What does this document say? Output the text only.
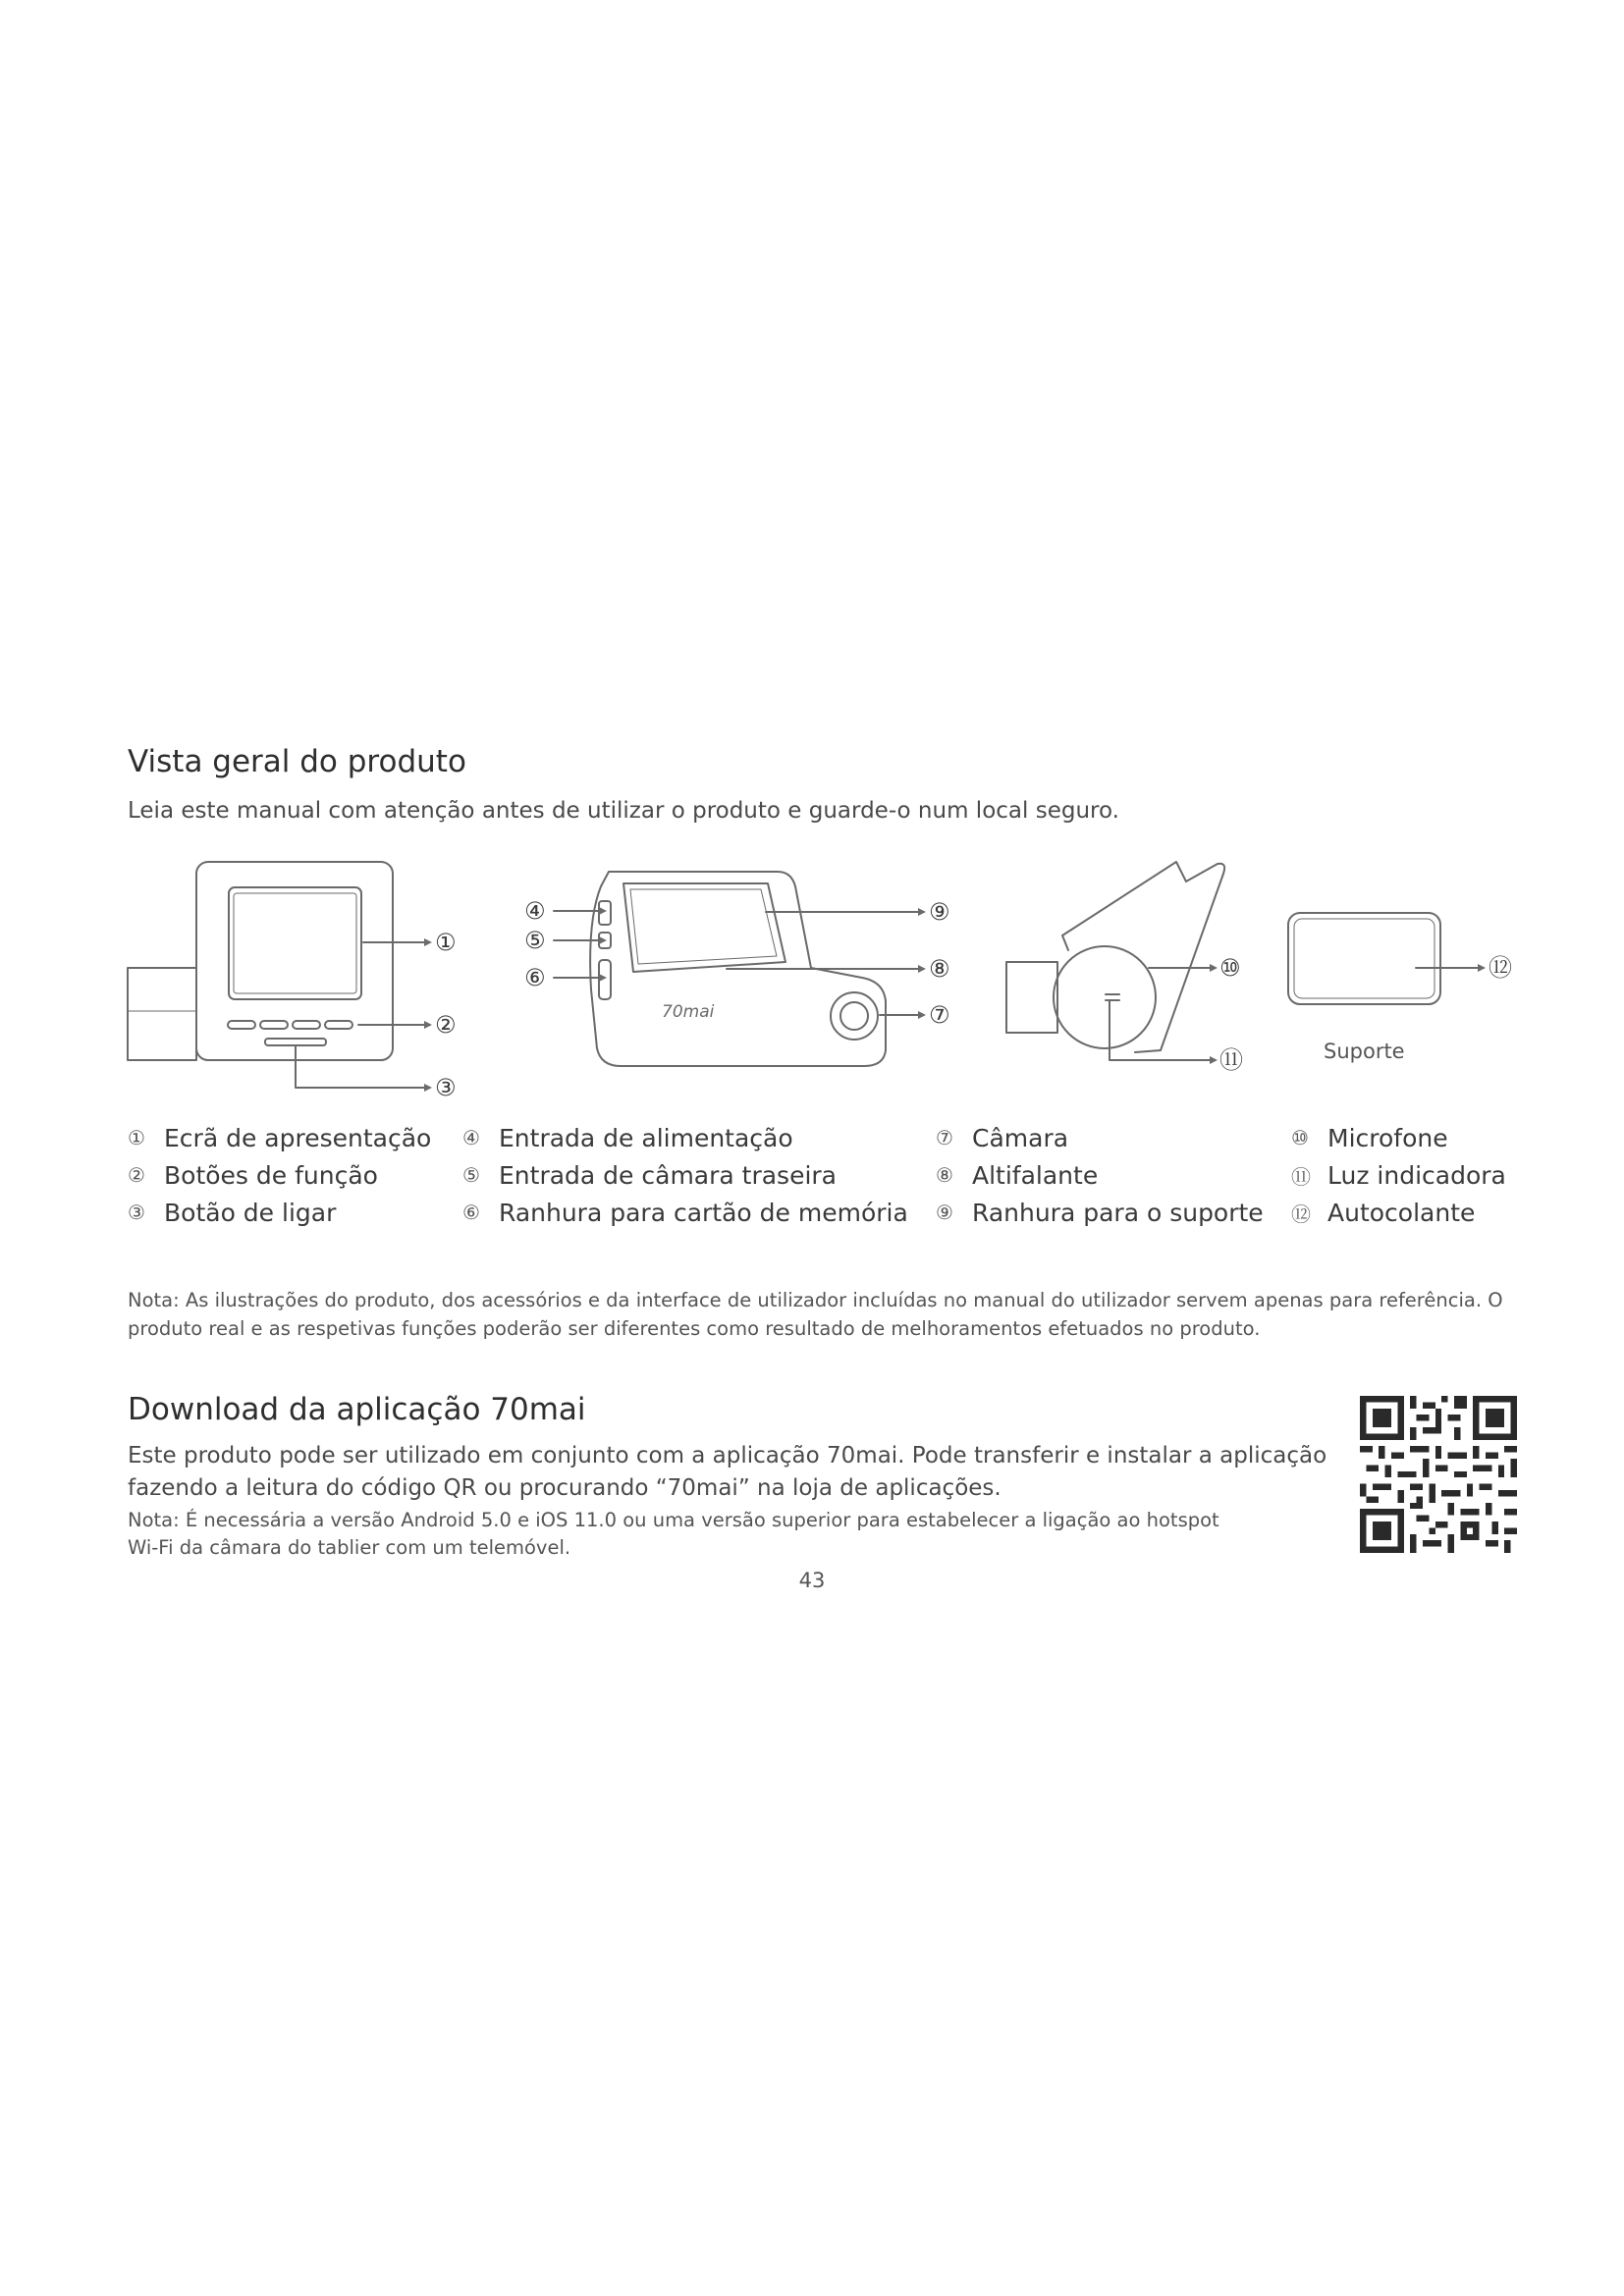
Vista geral do produto
Leia este manual com atenção antes de utilizar o produto e guarde-o num local seguro.
①
②
③
④
⑤
⑥
⑦
⑧
⑨
⑩
⑪
⑫
70mai
Suporte
① Ecrã de apresentação
② Botões de função
③ Botão de ligar
④ Entrada de alimentação
⑤ Entrada de câmara traseira
⑥ Ranhura para cartão de memória
⑦ Câmara
⑧ Altifalante
⑨ Ranhura para o suporte
⑩ Microfone
⑪ Luz indicadora
⑫ Autocolante
Nota: As ilustrações do produto, dos acessórios e da interface de utilizador incluídas no manual do utilizador servem apenas para referência. O produto real e as respetivas funções poderão ser diferentes como resultado de melhoramentos efetuados no produto.
Download da aplicação 70mai
Este produto pode ser utilizado em conjunto com a aplicação 70mai. Pode transferir e instalar a aplicação
fazendo a leitura do código QR ou procurando “70mai” na loja de aplicações.
Nota: É necessária a versão Android 5.0 e iOS 11.0 ou uma versão superior para estabelecer a ligação ao hotspot
Wi-Fi da câmara do tablier com um telemóvel.
43
